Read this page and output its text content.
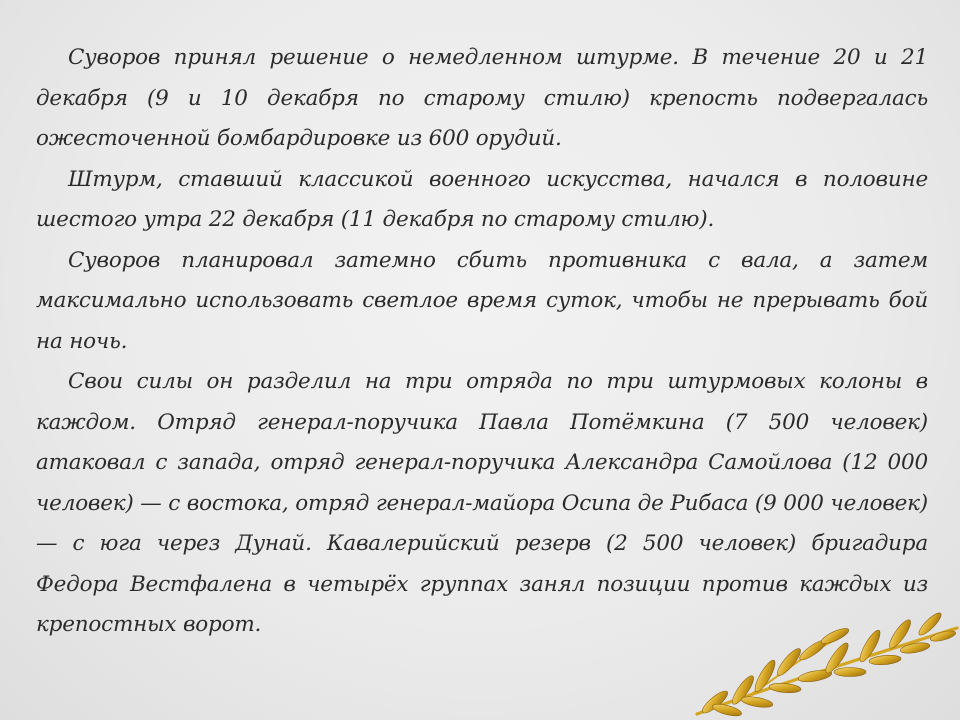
Суворов принял решение о немедленном штурме. В течение 20 и 21 декабря (9 и 10 декабря по старому стилю) крепость подвергалась ожесточенной бомбардировке из 600 орудий.

Штурм, ставший классикой военного искусства, начался в половине шестого утра 22 декабря (11 декабря по старому стилю).

Суворов планировал затемно сбить противника с вала, а затем максимально использовать светлое время суток, чтобы не прерывать бой на ночь.

Свои силы он разделил на три отряда по три штурмовых колоны в каждом. Отряд генерал-поручика Павла Потёмкина (7 500 человек) атаковал с запада, отряд генерал-поручика Александра Самойлова (12 000 человек) — с востока, отряд генерал-майора Осипа де Рибаса (9 000 человек) — с юга через Дунай. Кавалерийский резерв (2 500 человек) бригадира Федора Вестфалена в четырёх группах занял позиции против каждых из крепостных ворот.
